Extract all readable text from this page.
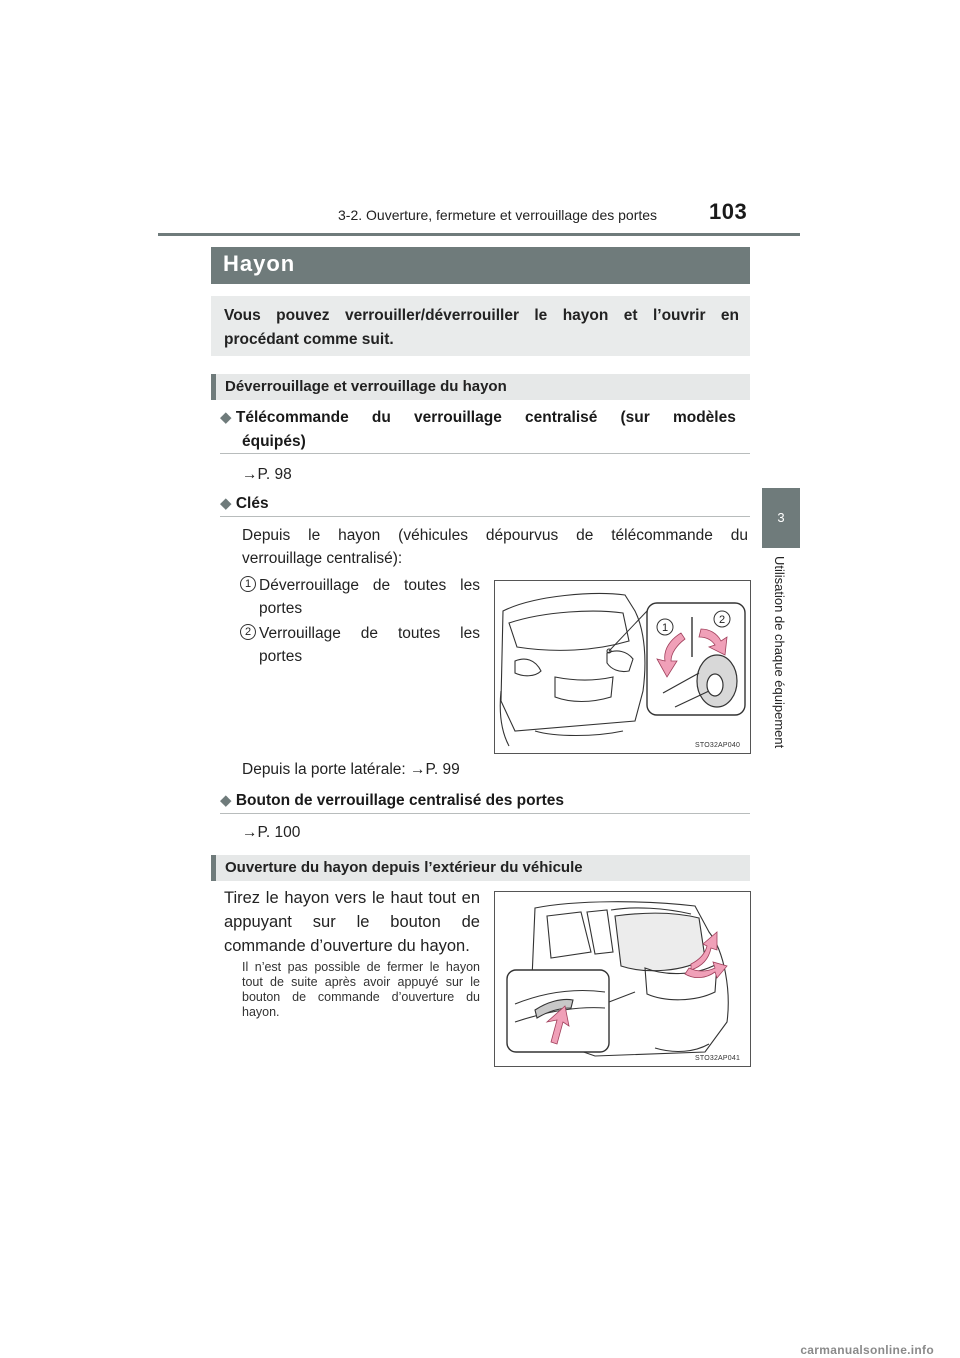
3-2. Ouverture, fermeture et verrouillage des portes 103
3
Utilisation de chaque équipement
Hayon
Vous pouvez verrouiller/déverrouiller le hayon et l’ouvrir en procédant comme suit.
Déverrouillage et verrouillage du hayon
◆ Télécommande du verrouillage centralisé (sur modèles
équipés)
→P. 98
◆ Clés
Depuis le hayon (véhicules dépourvus de télécommande du
verrouillage centralisé):
1 Déverrouillage de toutes les
portes
2 Verrouillage de toutes les
portes
1
2
STO32AP040
Depuis la porte latérale: →P. 99
◆ Bouton de verrouillage centralisé des portes
→P. 100
Ouverture du hayon depuis l’extérieur du véhicule
Tirez le hayon vers le haut tout en
appuyant sur le bouton de
commande d’ouverture du hayon.
Il n’est pas possible de fermer le hayon tout de suite après avoir appuyé sur le bouton de commande d’ouverture du hayon.
STO32AP041
carmanualsonline.info
